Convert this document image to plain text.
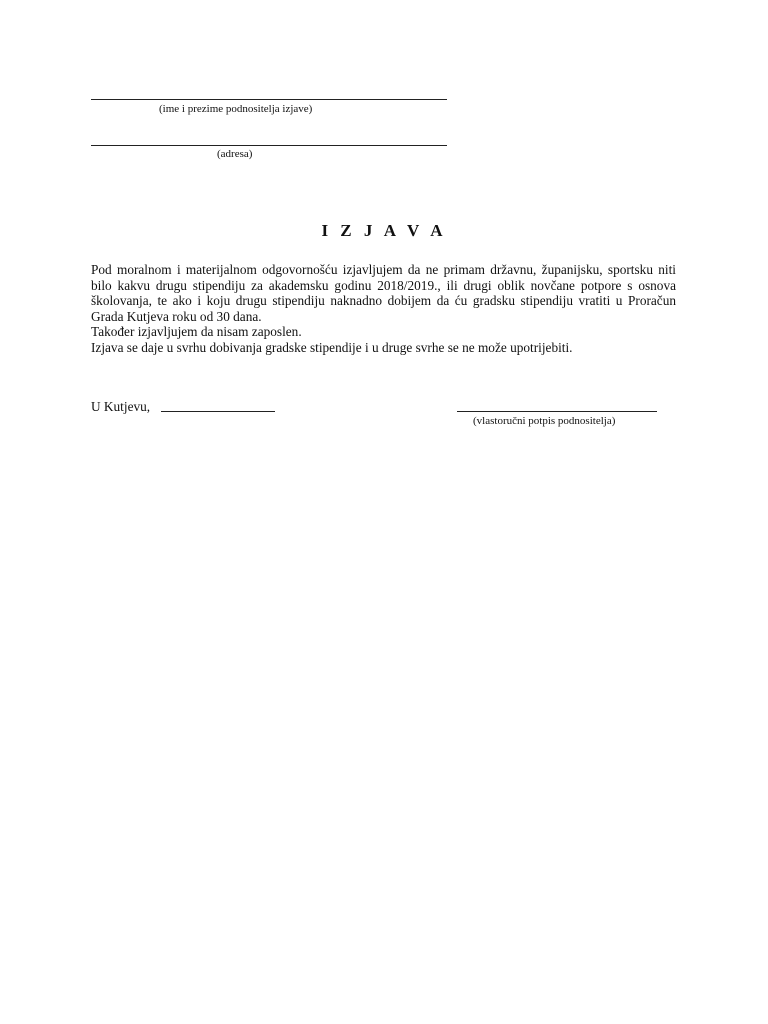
(ime i prezime podnositelja izjave)
(adresa)
I Z J A V A

Pod moralnom i materijalnom odgovornošću izjavljujem da ne primam državnu, županijsku, sportsku niti bilo kakvu drugu stipendiju za akademsku godinu 2018/2019., ili drugi oblik novčane potpore s osnova školovanja, te ako i koju drugu stipendiju naknadno dobijem da ću gradsku stipendiju vratiti u Proračun Grada Kutjeva roku od 30 dana.

Također izjavljujem da nisam zaposlen.

Izjava se daje u svrhu dobivanja gradske stipendije i u druge svrhe se ne može upotrijebiti.

U Kutjevu,
(vlastoručni potpis podnositelja)
